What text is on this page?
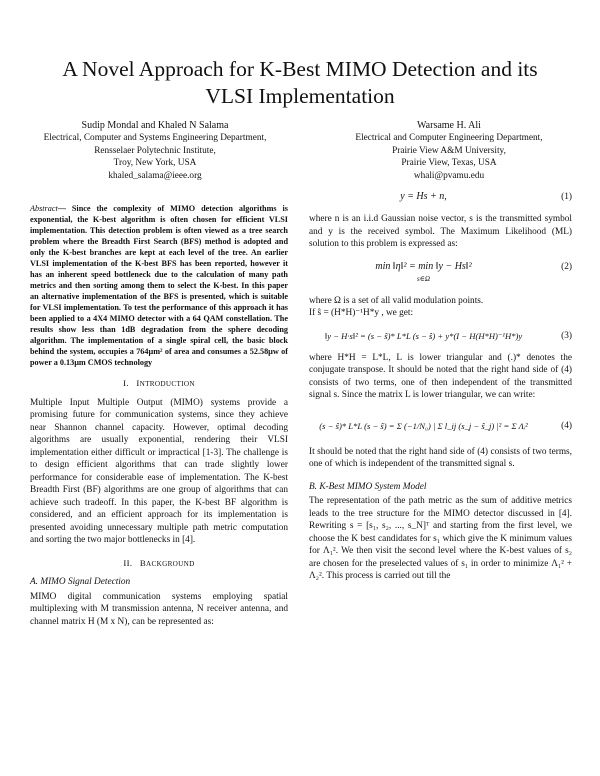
A Novel Approach for K-Best MIMO Detection and its
VLSI Implementation
Sudip Mondal and Khaled N Salama
Electrical, Computer and Systems Engineering Department,
Rensselaer Polytechnic Institute,
Troy, New York, USA
khaled_salama@ieee.org
Warsame H. Ali
Electrical and Computer Engineering Department,
Prairie View A&M University,
Prairie View, Texas, USA
whali@pvamu.edu

Abstract— Since the complexity of MIMO detection algorithms is exponential, the K-best algorithm is often chosen for efficient VLSI implementation. This detection problem is often viewed as a tree search problem where the Breadth First Search (BFS) method is adopted and only the K-best branches are kept at each level of the tree. An earlier VLSI implementation of the K-best BFS has been reported, however it has an inherent speed bottleneck due to the calculation of many path metrics and then sorting among them to select the K-best. In this paper an alternative implementation of the BFS is presented, which is suitable for VLSI implementation. To test the performance of this approach it has been applied to a 4X4 MIMO detector with a 64 QAM constellation. The results show less than 1dB degradation from the sphere decoding algorithm. The implementation of a single spiral cell, the basic block behind the system, occupies a 764µm² of area and consumes a 52.58µw of power a 0.13µm CMOS technology

I. INTRODUCTION

Multiple Input Multiple Output (MIMO) systems provide a promising future for communication systems, since they achieve near Shannon channel capacity. However, optimal decoding algorithms are usually exponential, rendering their VLSI implementation either difficult or impractical [1-3]. The challenge is to design efficient algorithms that can trade slightly lower performance for considerable ease of implementation. The K-best Breadth First (BF) algorithms are one group of algorithms that can achieve such tradeoff. In this paper, the K-best BF algorithm is considered, and an efficient approach for its implementation is presented avoiding unnecessary multiple path metric computation and sorting the two major bottlenecks in [4].

II. BACKGROUND
A. MIMO Signal Detection

MIMO digital communication systems employing spatial multiplexing with M transmission antenna, N receiver antenna, and channel matrix H (M x N), can be represented as:

y = Hs + n,	(1)

where n is an i.i.d Gaussian noise vector, s is the transmitted symbol and y is the received symbol. The Maximum Likelihood (ML) solution to this problem is expressed as:

min ‖η‖² = min ‖y − Hs‖²
s∈Ω
(2)

where Ω is a set of all valid modulation points.

If ŝ = (H*H)⁻¹H*y , we get:

‖y − H·s‖² = (s − ŝ)* L*L (s − ŝ) + y*(I − H(H*H)⁻¹H*)y	(3)

where H*H = L*L, L is lower triangular and (.)* denotes the conjugate transpose. It should be noted that the right hand side of (4) consists of two terms, one of then independent of the transmitted signal s. Since the matrix L is lower triangular, we can write:

(s − ŝ)* L*L (s − ŝ) = Σ (−1/N₀) | Σ l_ij (s_j − ŝ_j) |² = Σ Λᵢ²	(4)

It should be noted that the right hand side of (4) consists of two terms, one of which is independent of the transmitted signal s.

B. K-Best MIMO System Model

The representation of the path metric as the sum of additive metrics leads to the tree structure for the MIMO detector discussed in [4]. Rewriting s = [s₁, s₂, ..., s_N]ᵀ and starting from the first level, we choose the K best candidates for s₁ which give the K minimum values for Λ₁². We then visit the second level where the K-best values of s₂ are chosen for the preselected values of s₁ in order to minimize Λ₁² + Λ₂². This process is carried out till the
